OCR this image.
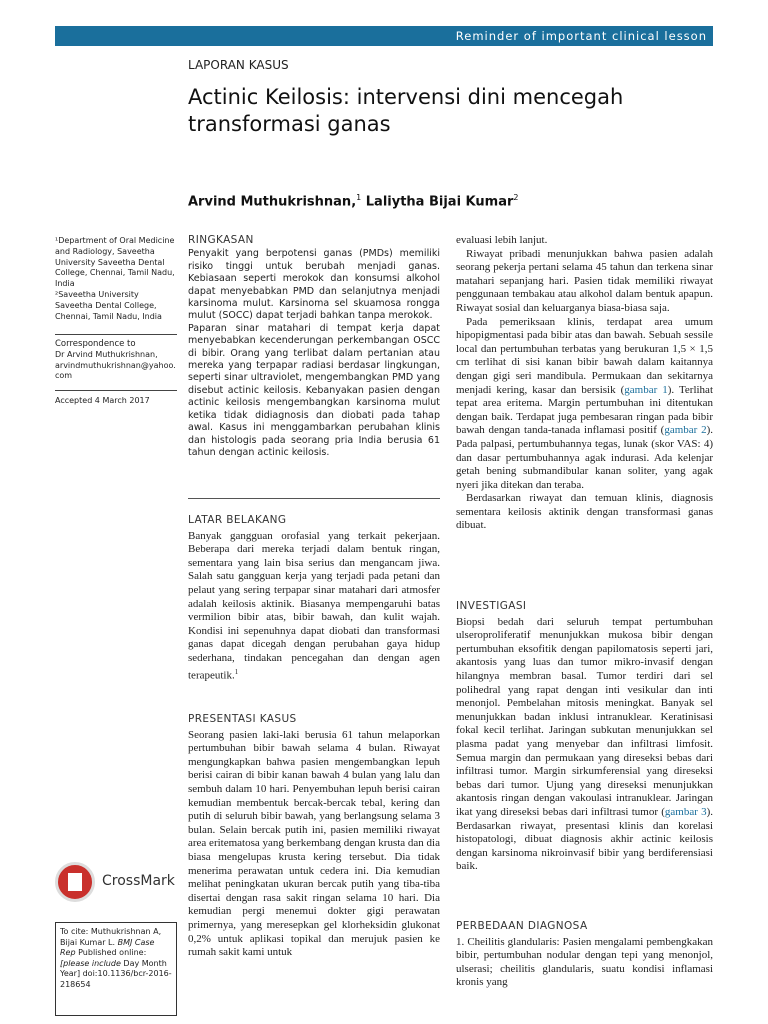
Reminder of important clinical lesson
LAPORAN KASUS
Actinic Keilosis: intervensi dini mencegah transformasi ganas
Arvind Muthukrishnan,$^1$ Laliytha Bijai Kumar$^2$

¹Department of Oral Medicine and Radiology, Saveetha University Saveetha Dental College, Chennai, Tamil Nadu, India

²Saveetha University Saveetha Dental College, Chennai, Tamil Nadu, India

Correspondence to

Dr Arvind Muthukrishnan,

arvindmuthukrishnan@yahoo.com

Accepted 4 March 2017

RINGKASAN

Penyakit yang berpotensi ganas (PMDs) memiliki risiko tinggi untuk berubah menjadi ganas. Kebiasaan seperti merokok dan konsumsi alkohol dapat menyebabkan PMD dan selanjutnya menjadi karsinoma mulut. Karsinoma sel skuamosa rongga mulut (SOCC) dapat terjadi bahkan tanpa merokok.

Paparan sinar matahari di tempat kerja dapat menyebabkan kecenderungan perkembangan OSCC di bibir. Orang yang terlibat dalam pertanian atau mereka yang terpapar radiasi berdasar lingkungan, seperti sinar ultraviolet, mengembangkan PMD yang disebut actinic keilosis. Kebanyakan pasien dengan actinic keilosis mengembangkan karsinoma mulut ketika tidak didiagnosis dan diobati pada tahap awal. Kasus ini menggambarkan perubahan klinis dan histologis pada seorang pria India berusia 61 tahun dengan actinic keilosis.

LATAR BELAKANG

Banyak gangguan orofasial yang terkait pekerjaan. Beberapa dari mereka terjadi dalam bentuk ringan, sementara yang lain bisa serius dan mengancam jiwa. Salah satu gangguan kerja yang terjadi pada petani dan pelaut yang sering terpapar sinar matahari dari atmosfer adalah keilosis aktinik. Biasanya mempengaruhi batas vermilion bibir atas, bibir bawah, dan kulit wajah. Kondisi ini sepenuhnya dapat diobati dan transformasi ganas dapat dicegah dengan perubahan gaya hidup sederhana, tindakan pencegahan dan dengan agen terapeutik.$^1$

PRESENTASI KASUS

Seorang pasien laki-laki berusia 61 tahun melaporkan pertumbuhan bibir bawah selama 4 bulan. Riwayat mengungkapkan bahwa pasien mengembangkan lepuh berisi cairan di bibir kanan bawah 4 bulan yang lalu dan sembuh dalam 10 hari. Penyembuhan lepuh berisi cairan kemudian membentuk bercak-bercak tebal, kering dan putih di seluruh bibir bawah, yang berlangsung selama 3 bulan. Selain bercak putih ini, pasien memiliki riwayat area eritematosa yang berkembang dengan krusta dan dia biasa mengelupas krusta kering tersebut. Dia tidak menerima perawatan untuk cedera ini. Dia kemudian melihat peningkatan ukuran bercak putih yang tiba-tiba disertai dengan rasa sakit ringan selama 10 hari. Dia kemudian pergi menemui dokter gigi perawatan primernya, yang meresepkan gel klorheksidin glukonat 0,2% untuk aplikasi topikal dan merujuk pasien ke rumah sakit kami untuk

evaluasi lebih lanjut.

Riwayat pribadi menunjukkan bahwa pasien adalah seorang pekerja pertani selama 45 tahun dan terkena sinar matahari sepanjang hari. Pasien tidak memiliki riwayat penggunaan tembakau atau alkohol dalam bentuk apapun. Riwayat sosial dan keluarganya biasa-biasa saja.

Pada pemeriksaan klinis, terdapat area umum hipopigmentasi pada bibir atas dan bawah. Sebuah sessile local dan pertumbuhan terbatas yang berukuran 1,5 × 1,5 cm terlihat di sisi kanan bibir bawah dalam kaitannya dengan gigi seri mandibula. Permukaan dan sekitarnya menjadi kering, kasar dan bersisik (gambar 1). Terlihat tepat area eritema. Margin pertumbuhan ini ditentukan dengan baik. Terdapat juga pembesaran ringan pada bibir bawah dengan tanda-tanada inflamasi positif (gambar 2). Pada palpasi, pertumbuhannya tegas, lunak (skor VAS: 4) dan dasar pertumbuhannya agak indurasi. Ada kelenjar getah bening submandibular kanan soliter, yang agak nyeri jika ditekan dan teraba.

Berdasarkan riwayat dan temuan klinis, diagnosis sementara keilosis aktinik dengan transformasi ganas dibuat.

INVESTIGASI

Biopsi bedah dari seluruh tempat pertumbuhan ulseroproliferatif menunjukkan mukosa bibir dengan pertumbuhan eksofitik dengan papilomatosis seperti jari, akantosis yang luas dan tumor mikro-invasif dengan hilangnya membran basal. Tumor terdiri dari sel polihedral yang rapat dengan inti vesikular dan inti menonjol. Pembelahan mitosis meningkat. Banyak sel menunjukkan badan inklusi intranuklear. Keratinisasi fokal kecil terlihat. Jaringan subkutan menunjukkan sel plasma padat yang menyebar dan infiltrasi limfosit. Semua margin dan permukaan yang direseksi bebas dari infiltrasi tumor. Margin sirkumferensial yang direseksi bebas dari tumor. Ujung yang direseksi menunjukkan akantosis ringan dengan vakoulasi intranuklear. Jaringan ikat yang direseksi bebas dari infiltrasi tumor (gambar 3). Berdasarkan riwayat, presentasi klinis dan korelasi histopatologi, dibuat diagnosis akhir actinic keilosis dengan karsinoma nikroinvasif bibir yang berdiferensiasi baik.

PERBEDAAN DIAGNOSA

1. Cheilitis glandularis: Pasien mengalami pembengkakan bibir, pertumbuhan nodular dengan tepi yang menonjol, ulserasi; cheilitis glandularis, suatu kondisi inflamasi kronis yang

CrossMark
To cite: Muthukrishnan A, Bijai Kumar L. BMJ Case Rep Published online: [please include Day Month Year] doi:10.1136/bcr-2016-218654
